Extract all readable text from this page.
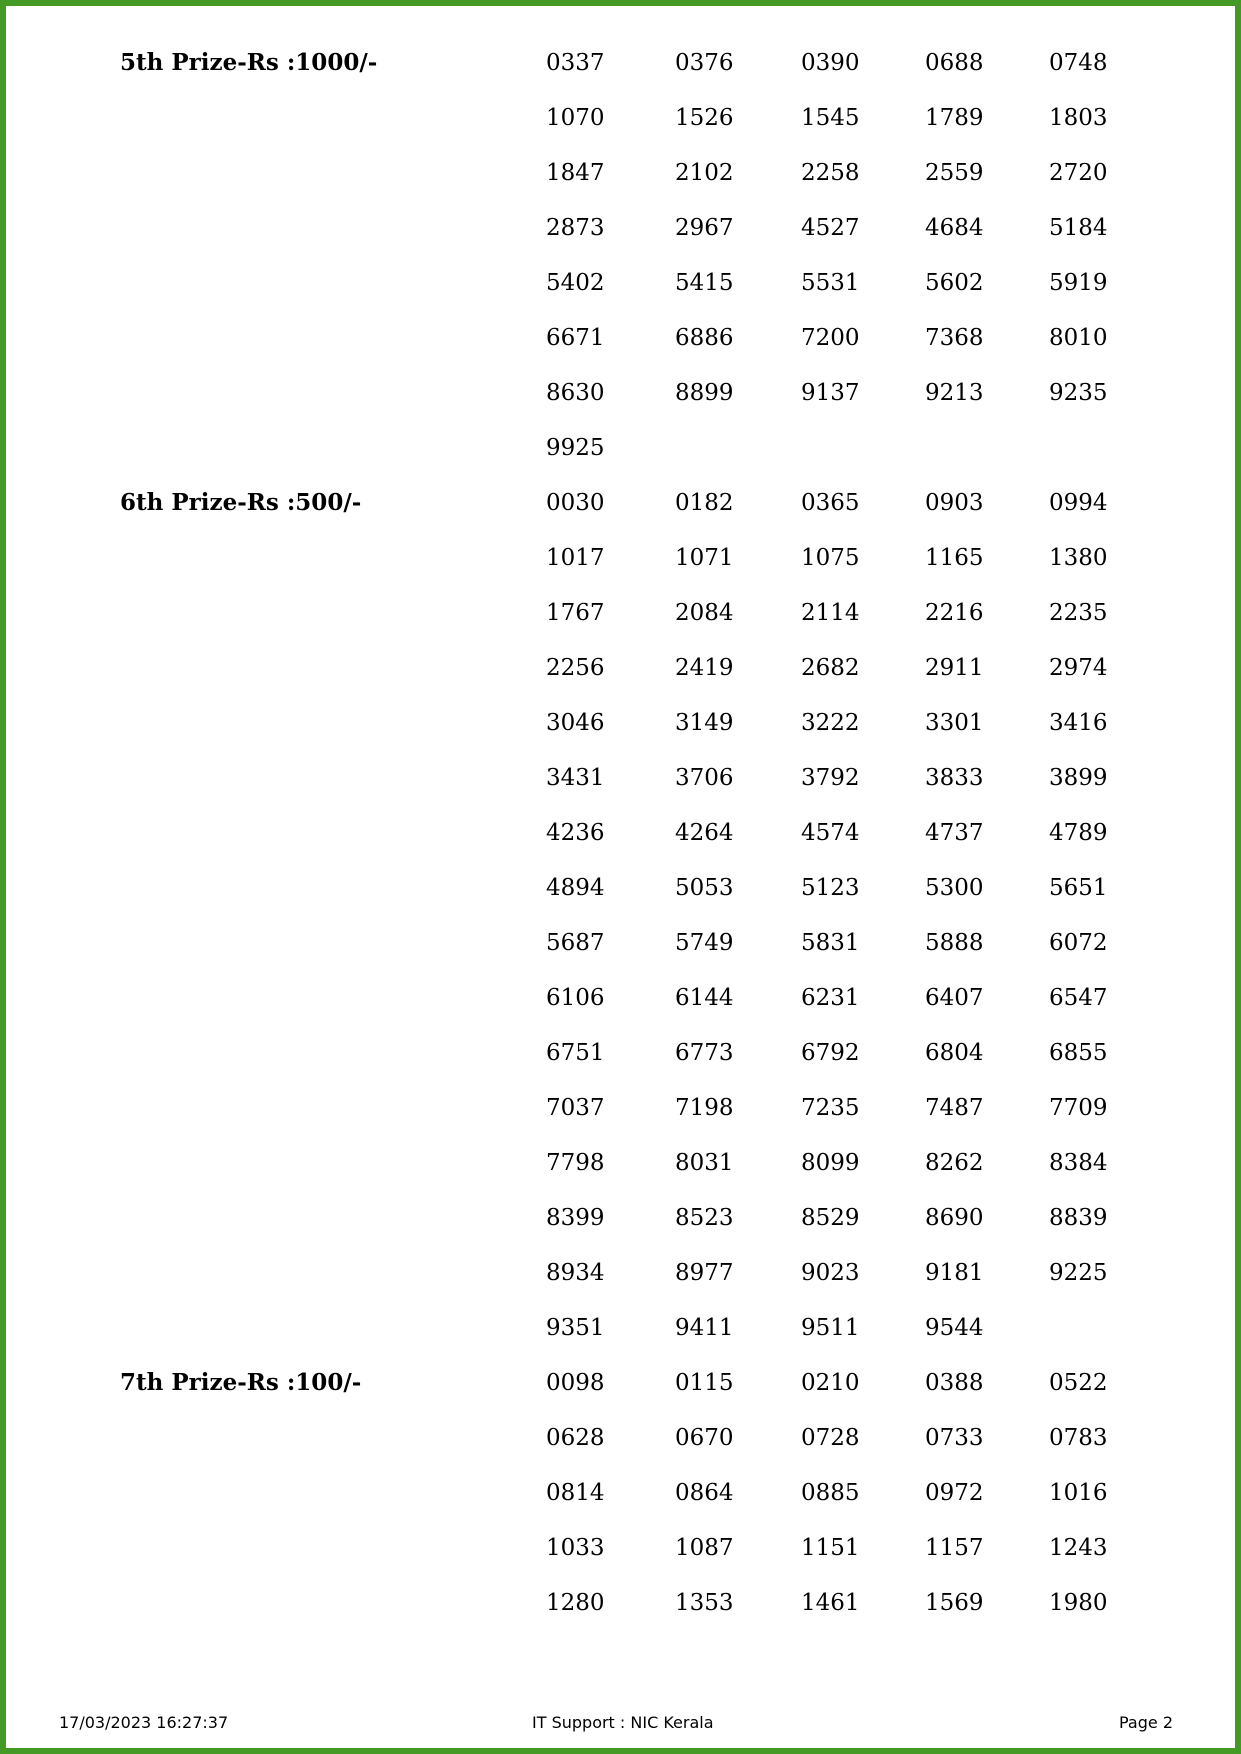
5th Prize-Rs :1000/-	0337	0376	0390	0688	0748
1070	1526	1545	1789	1803
1847	2102	2258	2559	2720
2873	2967	4527	4684	5184
5402	5415	5531	5602	5919
6671	6886	7200	7368	8010
8630	8899	9137	9213	9235
9925
6th Prize-Rs :500/-	0030	0182	0365	0903	0994
1017	1071	1075	1165	1380
1767	2084	2114	2216	2235
2256	2419	2682	2911	2974
3046	3149	3222	3301	3416
3431	3706	3792	3833	3899
4236	4264	4574	4737	4789
4894	5053	5123	5300	5651
5687	5749	5831	5888	6072
6106	6144	6231	6407	6547
6751	6773	6792	6804	6855
7037	7198	7235	7487	7709
7798	8031	8099	8262	8384
8399	8523	8529	8690	8839
8934	8977	9023	9181	9225
9351	9411	9511	9544
7th Prize-Rs :100/-	0098	0115	0210	0388	0522
0628	0670	0728	0733	0783
0814	0864	0885	0972	1016
1033	1087	1151	1157	1243
1280	1353	1461	1569	1980
17/03/2023 16:27:37	IT Support : NIC Kerala	Page 2
